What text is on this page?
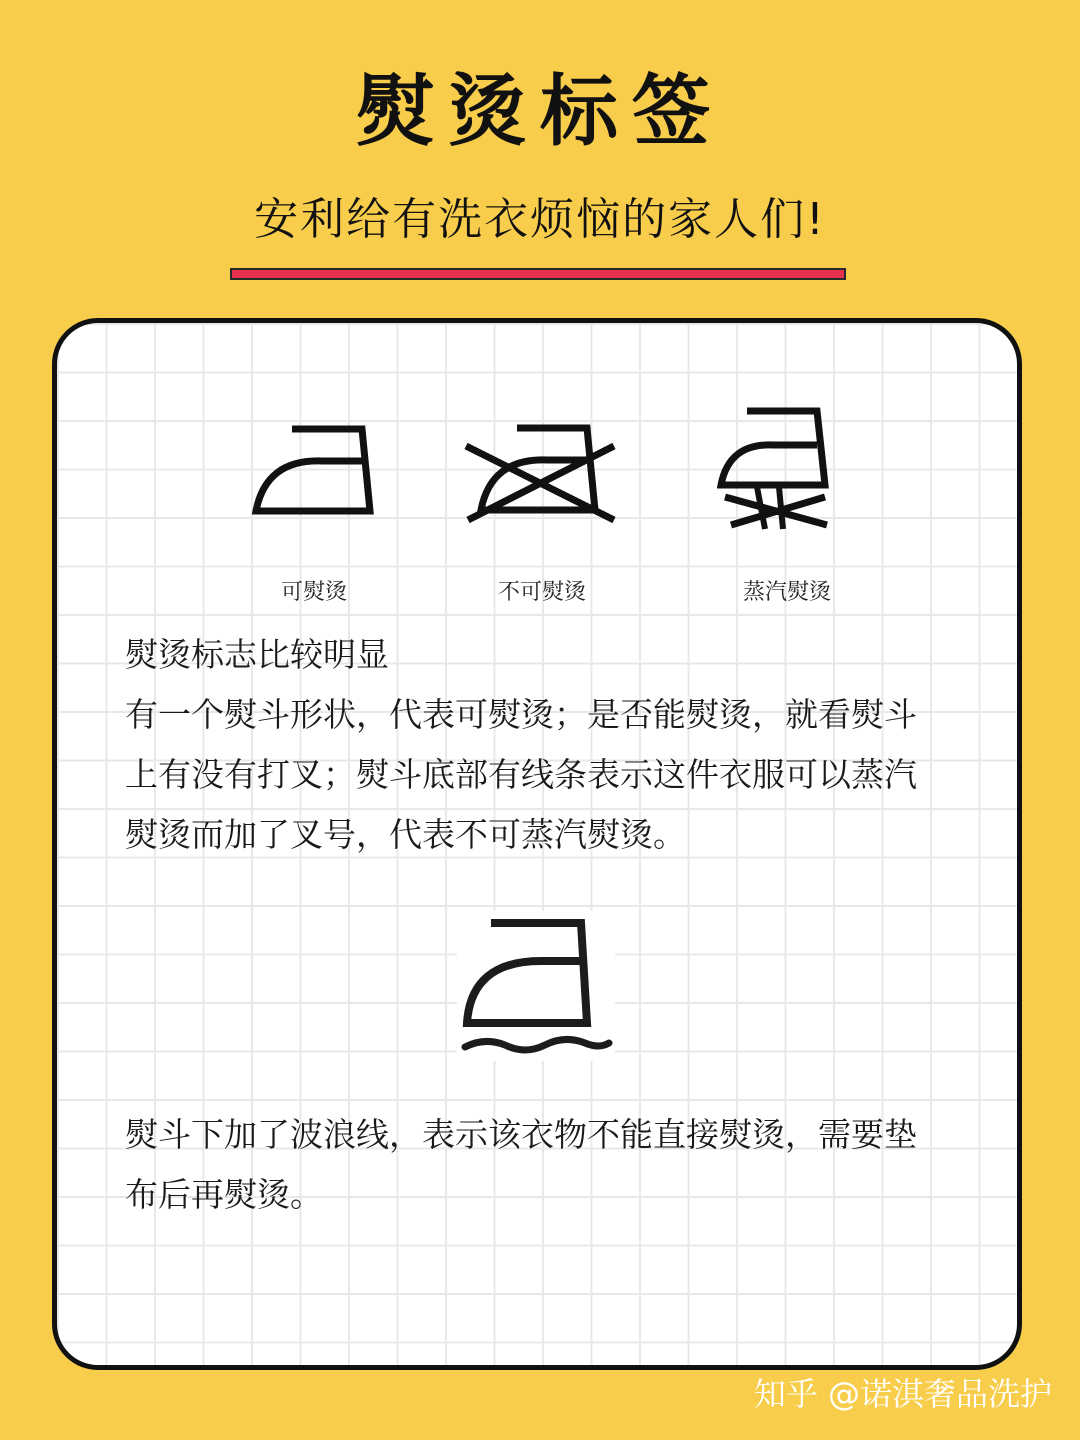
熨烫标签
安利给有洗衣烦恼的家人们!
可熨烫	不可熨烫	蒸汽熨烫

熨烫标志比较明显

有一个熨斗形状，代表可熨烫；是否能熨烫，就看熨斗上有没有打叉；熨斗底部有线条表示这件衣服可以蒸汽熨烫而加了叉号，代表不可蒸汽熨烫。

熨斗下加了波浪线，表示该衣物不能直接熨烫，需要垫布后再熨烫。

知乎 @诺淇奢品洗护
